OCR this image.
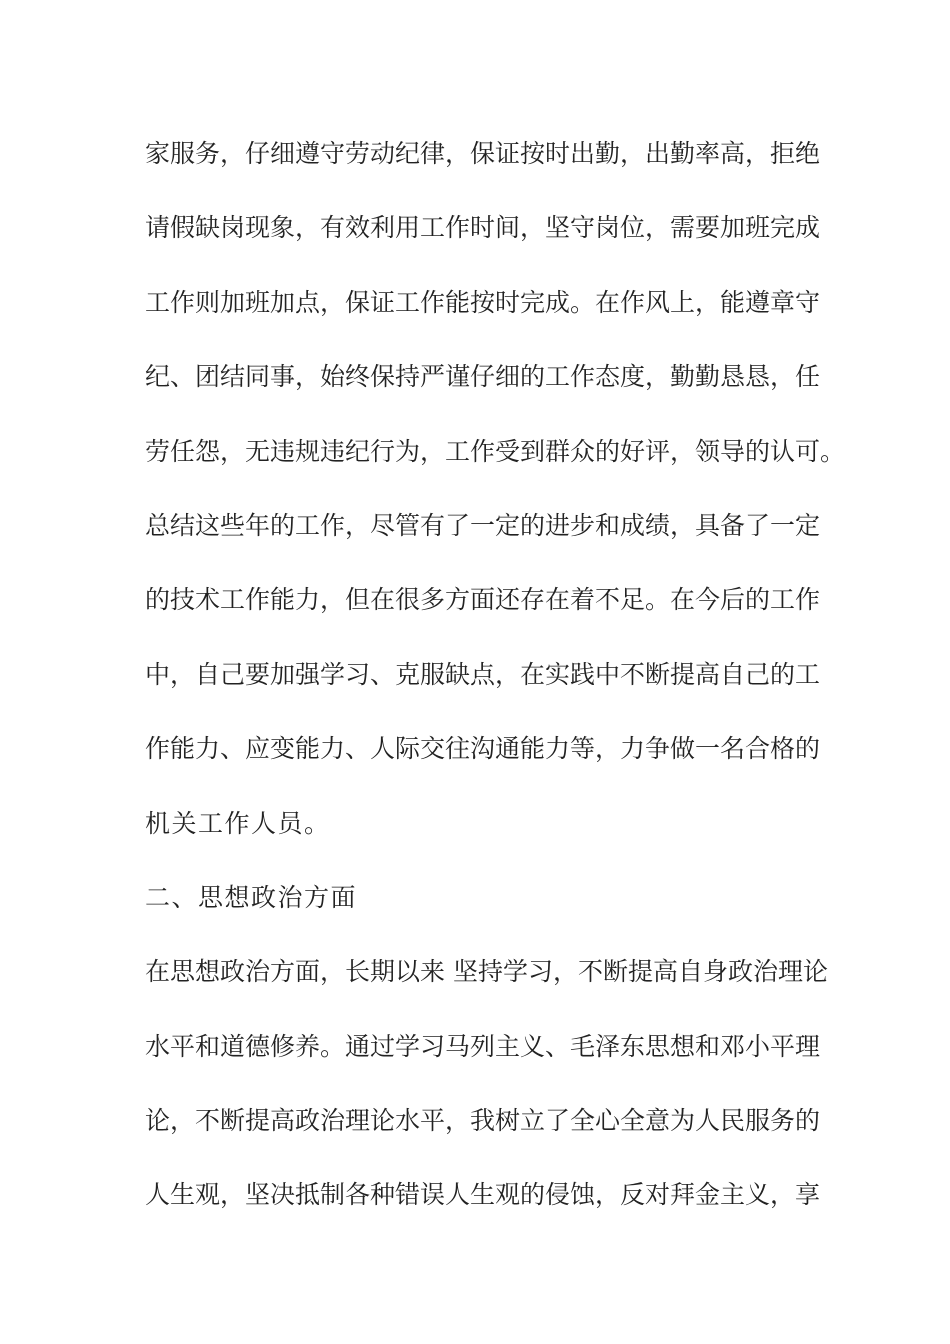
家服务，仔细遵守劳动纪律，保证按时出勤，出勤率高，拒绝
请假缺岗现象，有效利用工作时间，坚守岗位，需要加班完成
工作则加班加点，保证工作能按时完成。在作风上，能遵章守
纪、团结同事，始终保持严谨仔细的工作态度，勤勤恳恳，任
劳任怨，无违规违纪行为，工作受到群众的好评，领导的认可。
总结这些年的工作，尽管有了一定的进步和成绩，具备了一定
的技术工作能力，但在很多方面还存在着不足。在今后的工作
中，自己要加强学习、克服缺点，在实践中不断提高自己的工
作能力、应变能力、人际交往沟通能力等，力争做一名合格的
机关工作人员。
二、思想政治方面
在思想政治方面，长期以来 坚持学习，不断提高自身政治理论
水平和道德修养。通过学习马列主义、毛泽东思想和邓小平理
论，不断提高政治理论水平，我树立了全心全意为人民服务的
人生观，坚决抵制各种错误人生观的侵蚀，反对拜金主义，享
